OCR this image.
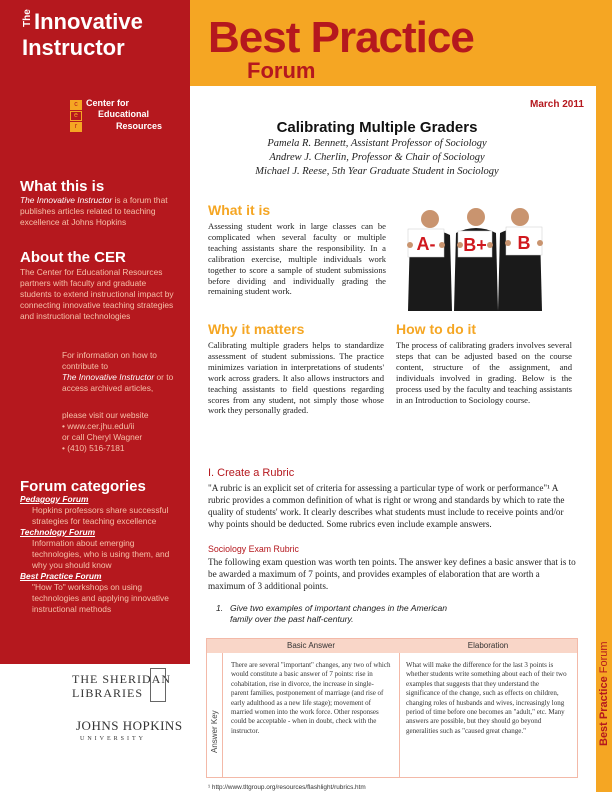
The Innovative
Instructor
c
e
r
Center for
Educational
Resources
What this is
The Innovative Instructor is a forum that publishes articles related to teaching excellence at Johns Hopkins
About the CER
The Center for Educational Resources partners with faculty and graduate students to extend instructional impact by connecting innovative teaching strategies and instructional technologies
For information on how to contribute to
The Innovative Instructor or to access archived articles,
please visit our website
• www.cer.jhu.edu/ii
or call Cheryl Wagner
• (410) 516-7181
Forum categories
Pedagogy Forum
Hopkins professors share successful strategies for teaching excellence
Technology Forum
Information about emerging technologies, who is using them, and why you should know
Best Practice Forum
"How To" workshops on using technologies and applying innovative instructional methods
THE SHERIDAN
LIBRARIES
JOHNS HOPKINS
UNIVERSITY
Best Practice
Forum
March 2011
Best Practice Forum
Calibrating Multiple Graders
Pamela R. Bennett, Assistant Professor of Sociology
Andrew J. Cherlin, Professor & Chair of Sociology
Michael J. Reese, 5th Year Graduate Student in Sociology
What it is
Assessing student work in large classes can be complicated when several faculty or multiple teaching assistants share the responsibility. In a calibration exercise, multiple individuals work together to score a sample of student submissions before dividing and individually grading the remaining student work.
A- B+ B
Why it matters
Calibrating multiple graders helps to standardize assessment of student submissions. The practice minimizes variation in interpretations of students' work across graders. It also allows instructors and teaching assistants to field questions regarding scores from any student, not simply those whose work they personally graded.
How to do it
The process of calibrating graders involves several steps that can be adjusted based on the course content, structure of the assignment, and individuals involved in grading. Below is the process used by the faculty and teaching assistants in an Introduction to Sociology course.
I. Create a Rubric
"A rubric is an explicit set of criteria for assessing a particular type of work or performance"¹ A rubric provides a common definition of what is right or wrong and standards by which to rate the quality of students' work. It clearly describes what students must include to receive points and/or why points should be deducted. Some rubrics even include example answers.
Sociology Exam Rubric
The following exam question was worth ten points. The answer key defines a basic answer that is to be awarded a maximum of 7 points, and provides examples of elaboration that are worth a maximum of 3 additional points.
1. Give two examples of important changes in the American family over the past half-century.
Basic Answer	Elaboration
Answer Key
There are several "important" changes, any two of which would constitute a basic answer of 7 points: rise in cohabitation, rise in divorce, the increase in single-parent families, postponement of marriage (and rise of early adulthood as a new life stage); movement of married women into the work force. Other responses could be acceptable - when in doubt, check with the instructor.
What will make the difference for the last 3 points is whether students write something about each of their two examples that suggests that they understand the significance of the change, such as effects on children, changing roles of husbands and wives, increasingly long period of time before one becomes an "adult," etc. Many answers are possible, but they should go beyond generalities such as "caused great change."
¹ http://www.tltgroup.org/resources/flashlight/rubrics.htm
